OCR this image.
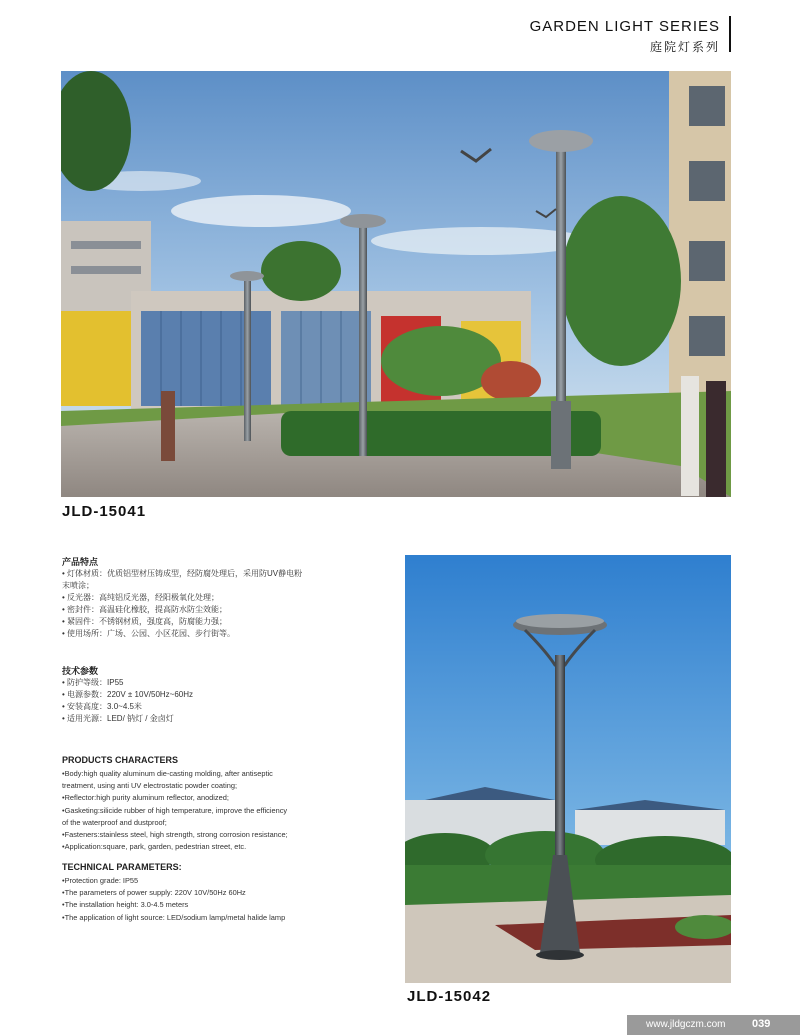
GARDEN LIGHT SERIES
庭院灯系列
JLD-15041
产品特点
• 灯体材质：优质铝型材压铸成型，经防腐处理后，采用防UV静电粉
末喷涂；
• 反光器：高纯铝反光器，经阳极氧化处理；
• 密封件：高温硅化橡胶，提高防水防尘效能；
• 紧固件：不锈钢材质，强度高，防腐能力强；
• 使用场所：广场、公园、小区花园、步行街等。
技术参数
• 防护等级：IP55
• 电源参数：220V ± 10V/50Hz~60Hz
• 安装高度：3.0~4.5米
• 适用光源：LED/ 钠灯 / 金卤灯
PRODUCTS CHARACTERS
•Body:high quality aluminum die-casting molding, after antiseptic
treatment, using anti UV electrostatic powder coating;
•Reflector:high purity aluminum reflector, anodized;
•Gasketing:silicide rubber of high temperature, improve the efficiency
of the waterproof and dustproof;
•Fasteners:stainless steel, high strength, strong corrosion resistance;
•Application:square, park, garden, pedestrian street, etc.
TECHNICAL PARAMETERS:
•Protection grade: IP55
•The parameters of power supply: 220V 10V/50Hz 60Hz
•The installation height: 3.0-4.5 meters
•The application of light source: LED/sodium lamp/metal halide lamp
JLD-15042
www.jldgczm.com 039
